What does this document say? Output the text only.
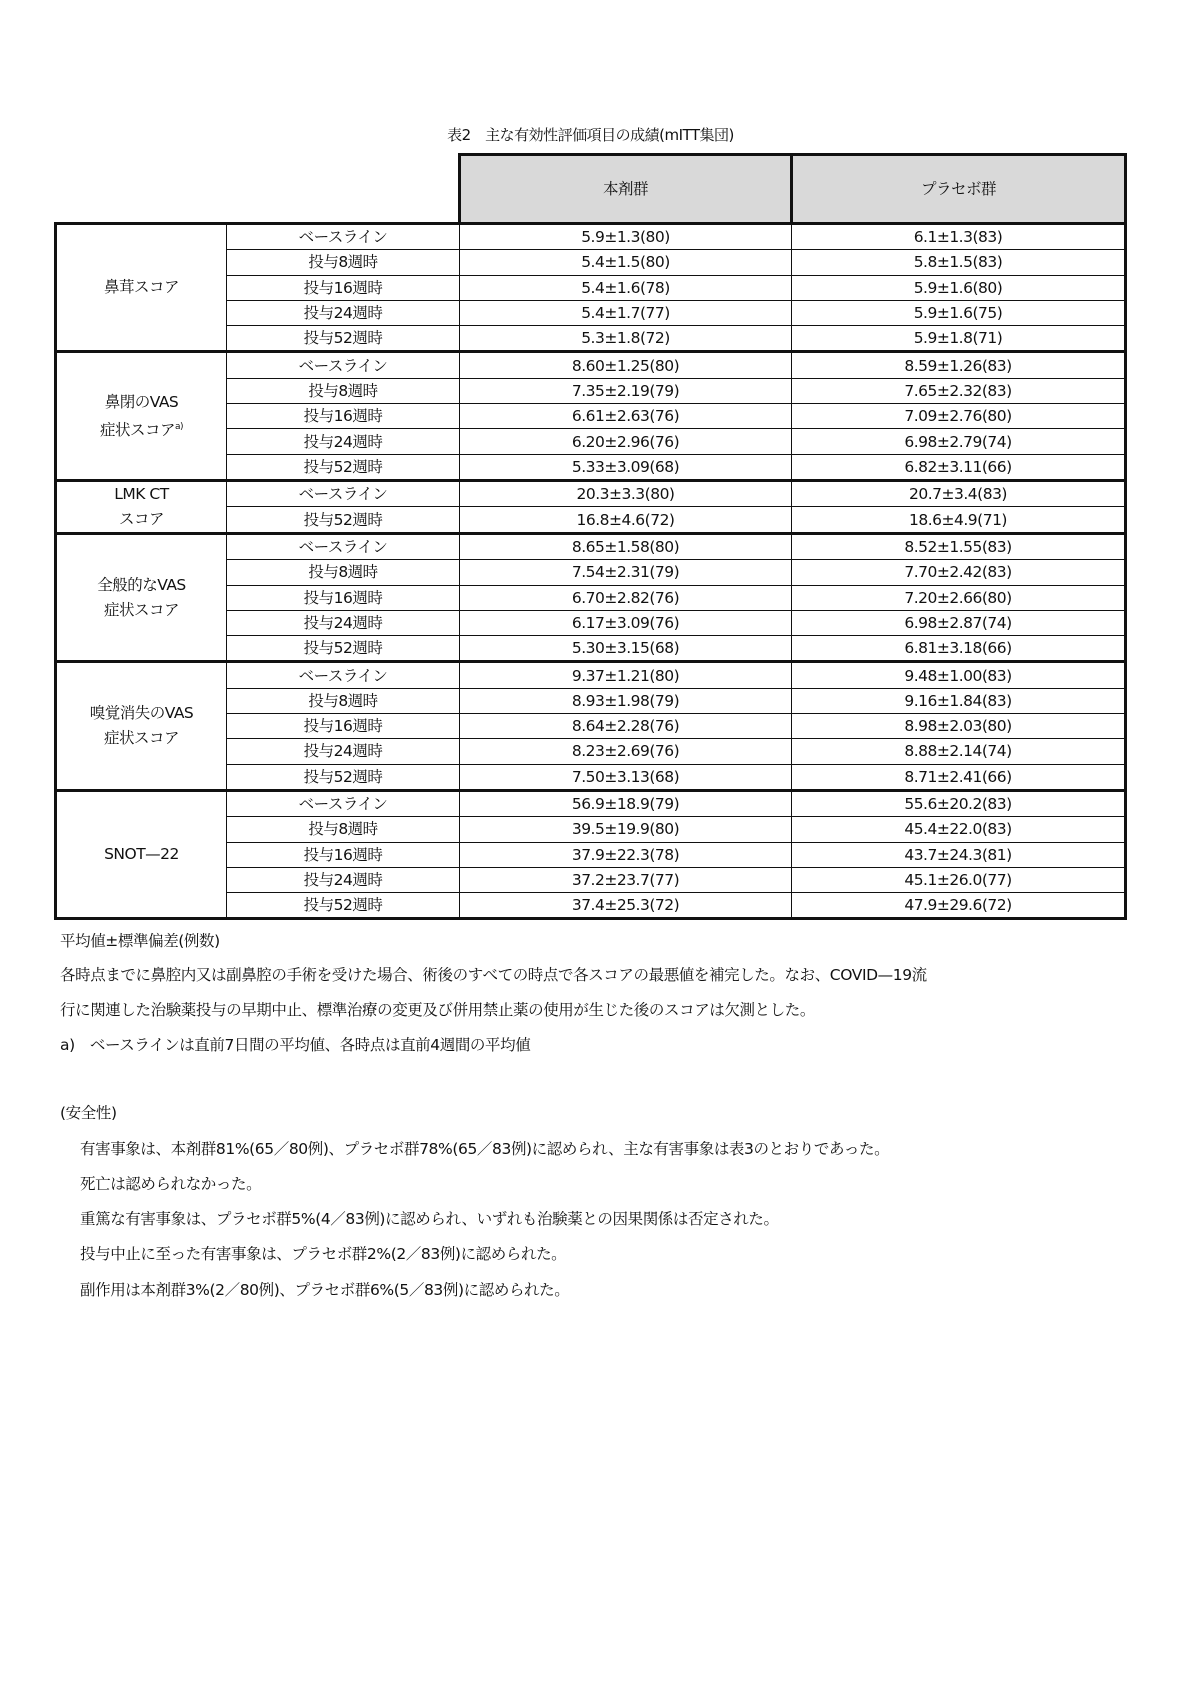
表2　主な有効性評価項目の成績(mITT集団)
		本剤群	プラセボ群
鼻茸スコア	ベースライン	5.9±1.3(80)	6.1±1.3(83)
	投与8週時	5.4±1.5(80)	5.8±1.5(83)
	投与16週時	5.4±1.6(78)	5.9±1.6(80)
	投与24週時	5.4±1.7(77)	5.9±1.6(75)
	投与52週時	5.3±1.8(72)	5.9±1.8(71)
鼻閉のVAS
症状スコア$^{a)}$	ベースライン	8.60±1.25(80)	8.59±1.26(83)
	投与8週時	7.35±2.19(79)	7.65±2.32(83)
	投与16週時	6.61±2.63(76)	7.09±2.76(80)
	投与24週時	6.20±2.96(76)	6.98±2.79(74)
	投与52週時	5.33±3.09(68)	6.82±3.11(66)
LMK CT
スコア	ベースライン	20.3±3.3(80)	20.7±3.4(83)
	投与52週時	16.8±4.6(72)	18.6±4.9(71)
全般的なVAS
症状スコア	ベースライン	8.65±1.58(80)	8.52±1.55(83)
	投与8週時	7.54±2.31(79)	7.70±2.42(83)
	投与16週時	6.70±2.82(76)	7.20±2.66(80)
	投与24週時	6.17±3.09(76)	6.98±2.87(74)
	投与52週時	5.30±3.15(68)	6.81±3.18(66)
嗅覚消失のVAS
症状スコア	ベースライン	9.37±1.21(80)	9.48±1.00(83)
	投与8週時	8.93±1.98(79)	9.16±1.84(83)
	投与16週時	8.64±2.28(76)	8.98±2.03(80)
	投与24週時	8.23±2.69(76)	8.88±2.14(74)
	投与52週時	7.50±3.13(68)	8.71±2.41(66)
SNOT—22	ベースライン	56.9±18.9(79)	55.6±20.2(83)
	投与8週時	39.5±19.9(80)	45.4±22.0(83)
	投与16週時	37.9±22.3(78)	43.7±24.3(81)
	投与24週時	37.2±23.7(77)	45.1±26.0(77)
	投与52週時	37.4±25.3(72)	47.9±29.6(72)
平均値±標準偏差(例数)
各時点までに鼻腔内又は副鼻腔の手術を受けた場合、術後のすべての時点で各スコアの最悪値を補完した。なお、COVID—19流
行に関連した治験薬投与の早期中止、標準治療の変更及び併用禁止薬の使用が生じた後のスコアは欠測とした。
a)　ベースラインは直前7日間の平均値、各時点は直前4週間の平均値
(安全性)
有害事象は、本剤群81%(65／80例)、プラセボ群78%(65／83例)に認められ、主な有害事象は表3のとおりであった。
死亡は認められなかった。
重篤な有害事象は、プラセボ群5%(4／83例)に認められ、いずれも治験薬との因果関係は否定された。
投与中止に至った有害事象は、プラセボ群2%(2／83例)に認められた。
副作用は本剤群3%(2／80例)、プラセボ群6%(5／83例)に認められた。
